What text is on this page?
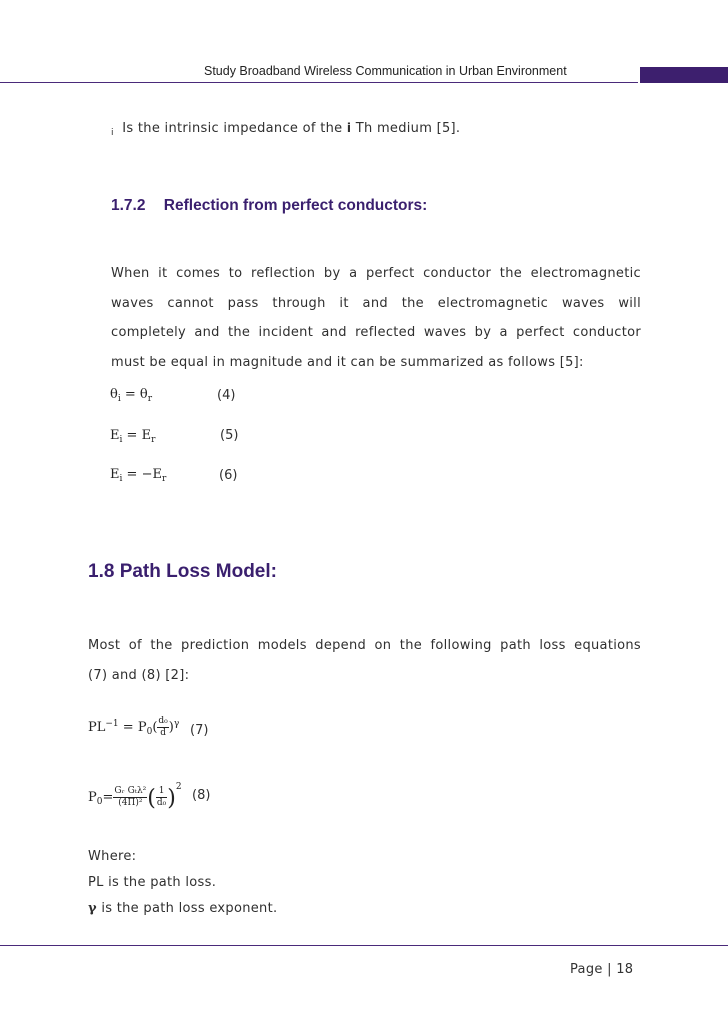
Study Broadband Wireless Communication in Urban Environment
$_i$ Is the intrinsic impedance of the i Th medium [5].
1.7.2 Reflection from perfect conductors:
When it comes to reflection by a perfect conductor the electromagnetic
waves cannot pass through it and the electromagnetic waves will
completely and the incident and reflected waves by a perfect conductor
must be equal in magnitude and it can be summarized as follows [5]:
$\theta_i = \theta_r$	(4)
$E_i = E_r$	(5)
$E_i = -E_r$	(6)
1.8 Path Loss Model:
Most of the prediction models depend on the following path loss equations
(7) and (8) [2]:
$PL^{-1} = P_0( \frac{\text{d₀}}{d} )^\gamma$ (7)
$P_0= \frac{\text{Gᵣ Gₜλ²}}{\text{(4Π)²}}$ ( $\frac{1}{\text{d₀}} )^2$
(8)
Where:
PL is the path loss.
γ is the path loss exponent.
Page | 18
